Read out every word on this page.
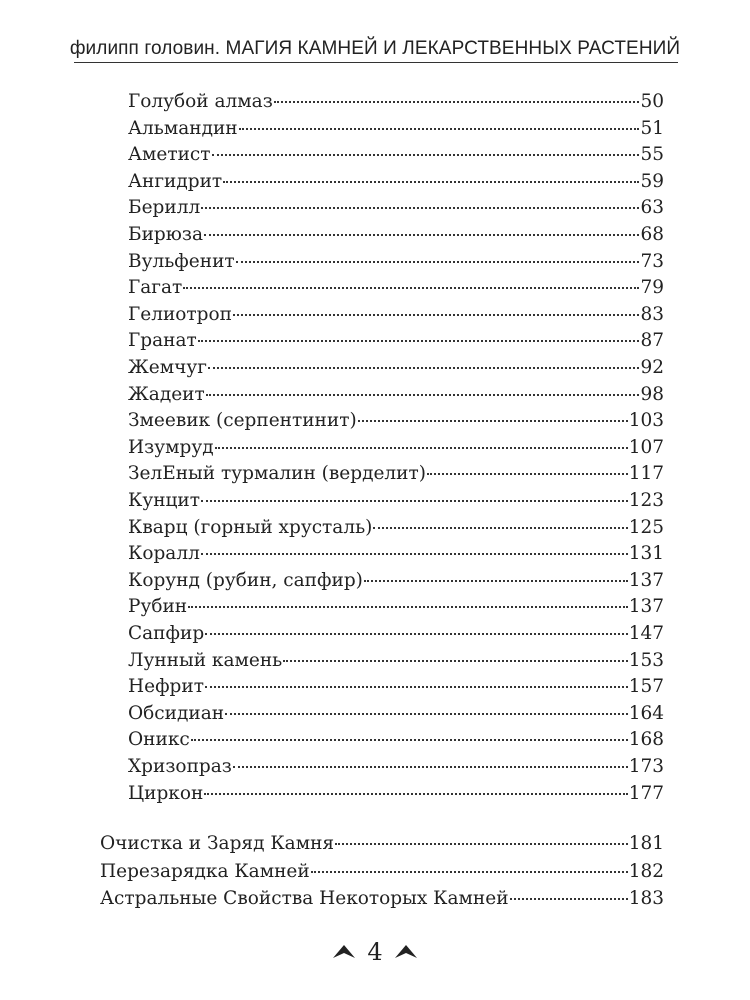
филипп головин. МАГИЯ КАМНЕЙ И ЛЕКАРСТВЕННЫХ РАСТЕНИЙ
Голубой алмаз	50
Альмандин	51
Аметист	55
Ангидрит	59
Берилл	63
Бирюза	68
Вульфенит	73
Гагат	79
Гелиотроп	83
Гранат	87
Жемчуг	92
Жадеит	98
Змеевик (серпентинит)	103
Изумруд	107
ЗелЕный турмалин (верделит)	117
Кунцит	123
Кварц (горный хрусталь)	125
Коралл	131
Корунд (рубин, сапфир)	137
Рубин	137
Сапфир	147
Лунный камень	153
Нефрит	157
Обсидиан	164
Оникс	168
Хризопраз	173
Циркон	177
Очистка и Заряд Камня	181
Перезарядка Камней	182
Астральные Свойства Некоторых Камней	183
4
